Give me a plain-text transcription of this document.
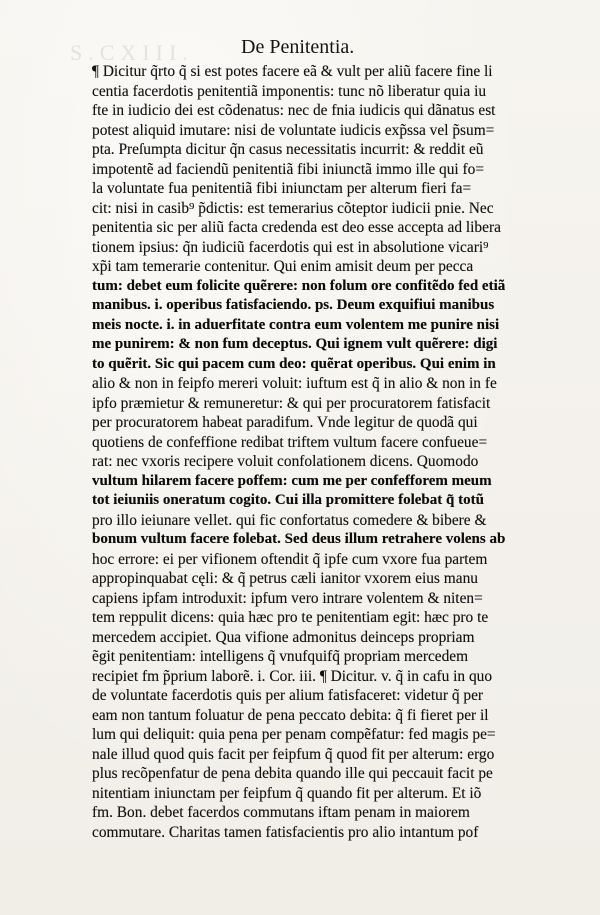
S.CXIII. De Penitentia.
¶ Dicitur q̃rto q̃ si est potes facere eã & vult per aliũ facere fine li
centia facerdotis penitentiã imponentis: tunc nõ liberatur quia iu
fte in iudicio dei est cõdenatus: nec de fnia iudicis qui dãnatus est
potest aliquid imutare: nisi de voluntate iudicis exp̃ssa vel p̃sum=
pta. Preſumpta dicitur q̃n casus necessitatis incurrit: & reddit eũ
impotentẽ ad faciendũ penitentiã fibi iniunctã immo ille qui fo=
la voluntate fua penitentiã fibi iniunctam per alterum fieri fa=
cit: nisi in casib⁹ p̃dictis: est temerarius cõteptor iudicii pnie. Nec
penitentia sic per aliũ facta credenda est deo esse accepta ad libera
tionem ipsius: q̃n iudiciũ facerdotis qui est in absolutione vicari⁹
xp̃i tam temerarie contenitur. Qui enim amisit deum per pecca
tum: debet eum folicite quẽrere: non folum ore confitẽdo fed etiã
manibus. i. operibus fatisfaciendo. ps. Deum exquifiui manibus
meis nocte. i. in aduerfitate contra eum volentem me punire nisi
me punirem: & non fum deceptus. Qui ignem vult quẽrere: digi
to quẽrit. Sic qui pacem cum deo: quẽrat operibus. Qui enim in
alio & non in feipfo mereri voluit: iuftum est q̃ in alio & non in fe
ipfo præmietur & remuneretur: & qui per procuratorem fatisfacit
per procuratorem habeat paradifum. Vnde legitur de quodã qui
quotiens de confeffione redibat triftem vultum facere confueue=
rat: nec vxoris recipere voluit confolationem dicens. Quomodo
vultum hilarem facere poffem: cum me per confefforem meum
tot ieiuniis oneratum cogito. Cui illa promittere folebat q̃ totũ
pro illo ieiunare vellet. qui fic confortatus comedere & bibere &
bonum vultum facere folebat. Sed deus illum retrahere volens ab
hoc errore: ei per vifionem oftendit q̃ ipfe cum vxore fua partem
appropinquabat cęli: & q̃ petrus cæli ianitor vxorem eius manu
capiens ipfam introduxit: ipfum vero intrare volentem & niten=
tem reppulit dicens: quia hæc pro te penitentiam egit: hæc pro te
mercedem accipiet. Qua vifione admonitus deinceps propriam
ẽgit penitentiam: intelligens q̃ vnufquifq̃ propriam mercedem
recipiet fm p̃prium laborẽ. i. Cor. iii. ¶ Dicitur. v. q̃ in cafu in quo
de voluntate facerdotis quis per alium fatisfaceret: videtur q̃ per
eam non tantum foluatur de pena peccato debita: q̃ fi fieret per il
lum qui deliquit: quia pena per penam compẽfatur: fed magis pe=
nale illud quod quis facit per feipfum q̃ quod fit per alterum: ergo
plus recõpenfatur de pena debita quando ille qui peccauit facit pe
nitentiam iniunctam per feipfum q̃ quando fit per alterum. Et iõ
fm. Bon. debet facerdos commutans iftam penam in maiorem
commutare. Charitas tamen fatisfacientis pro alio intantum pof
